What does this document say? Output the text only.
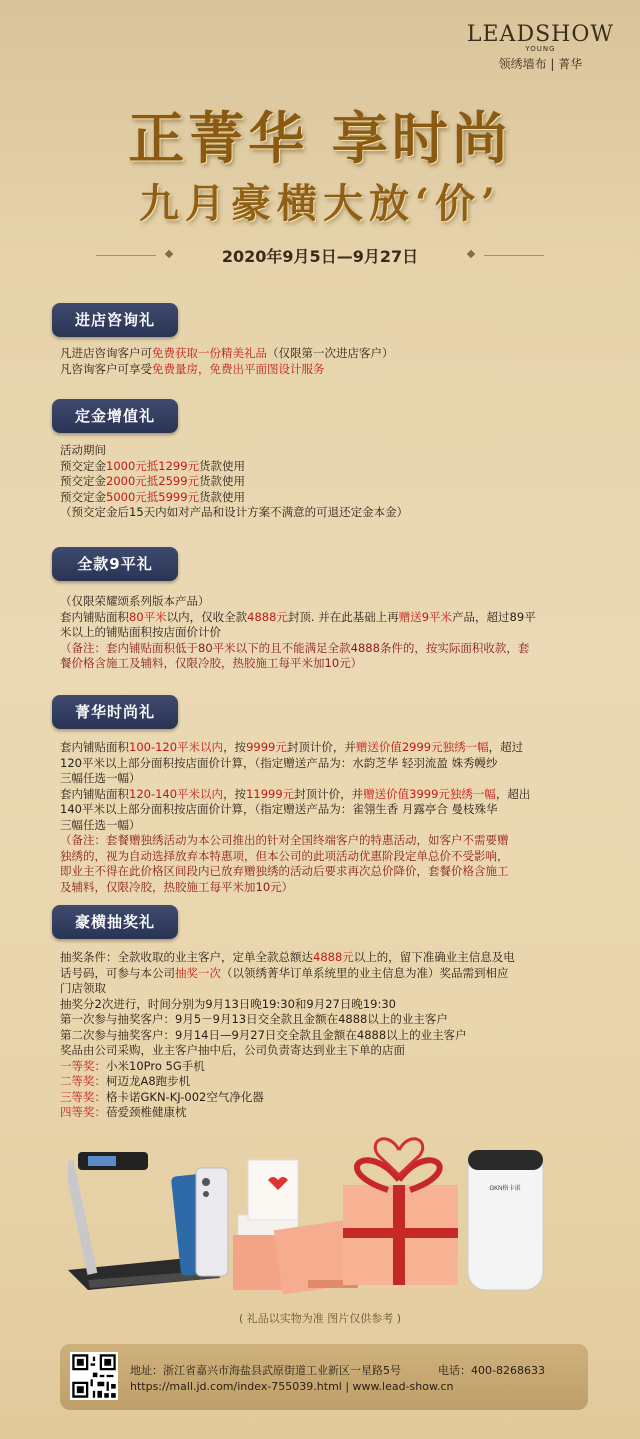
LEADSHOW
YOUNG
领绣墙布 | 菁华
正菁华 享时尚
九月豪横大放‘价’
2020年9月5日—9月27日
进店咨询礼
凡进店咨询客户可免费获取一份精美礼品（仅限第一次进店客户）
凡咨询客户可享受免费量房，免费出平面图设计服务
定金增值礼
活动期间
预交定金1000元抵1299元货款使用
预交定金2000元抵2599元货款使用
预交定金5000元抵5999元货款使用
（预交定金后15天内如对产品和设计方案不满意的可退还定金本金）
全款9平礼
（仅限荣耀颂系列版本产品）
套内铺贴面积80平米以内，仅收全款4888元封顶. 并在此基础上再赠送9平米产品，超过89平
米以上的铺贴面积按店面价计价
（备注：套内铺贴面积低于80平米以下的且不能满足全款4888条件的，按实际面积收款，套
餐价格含施工及辅料，仅限冷胶，热胶施工每平米加10元）
菁华时尚礼
套内铺贴面积100-120平米以内，按9999元封顶计价，并赠送价值2999元独绣一幅，超过
120平米以上部分面积按店面价计算，（指定赠送产品为：水韵芝华 轻羽流盈 姝秀幔纱
三幅任选一幅）
套内铺贴面积120-140平米以内，按11999元封顶计价，并赠送价值3999元独绣一幅，超出
140平米以上部分面积按店面价计算，（指定赠送产品为：雀翎生香 月露亭合 曼枝殊华
三幅任选一幅）
（备注：套餐赠独绣活动为本公司推出的针对全国终端客户的特惠活动，如客户不需要赠
独绣的，视为自动选择放弃本特惠项，但本公司的此项活动优惠阶段定单总价不受影响，
即业主不得在此价格区间段内已放弃赠独绣的活动后要求再次总价降价，套餐价格含施工
及辅料，仅限冷胶，热胶施工每平米加10元）
豪横抽奖礼
抽奖条件：全款收取的业主客户，定单全款总额达4888元以上的，留下准确业主信息及电
话号码，可参与本公司抽奖一次（以领绣菁华订单系统里的业主信息为准）奖品需到相应
门店领取
抽奖分2次进行，时间分别为9月13日晚19:30和9月27日晚19:30
第一次参与抽奖客户：9月5－9月13日交全款且金额在4888以上的业主客户
第二次参与抽奖客户：9月14日—9月27日交全款且金额在4888以上的业主客户
奖品由公司采购，业主客户抽中后，公司负责寄达到业主下单的店面
一等奖：小米10Pro 5G手机
二等奖：柯迈龙A8跑步机
三等奖：格卡诺GKN-KJ-002空气净化器
四等奖：蓓爱颈椎健康枕
GKN格卡诺
( 礼品以实物为准 图片仅供参考 )
地址：浙江省嘉兴市海盐县武原街道工业新区一星路5号	电话：400-8268633
https://mall.jd.com/index-755039.html | www.lead-show.cn
